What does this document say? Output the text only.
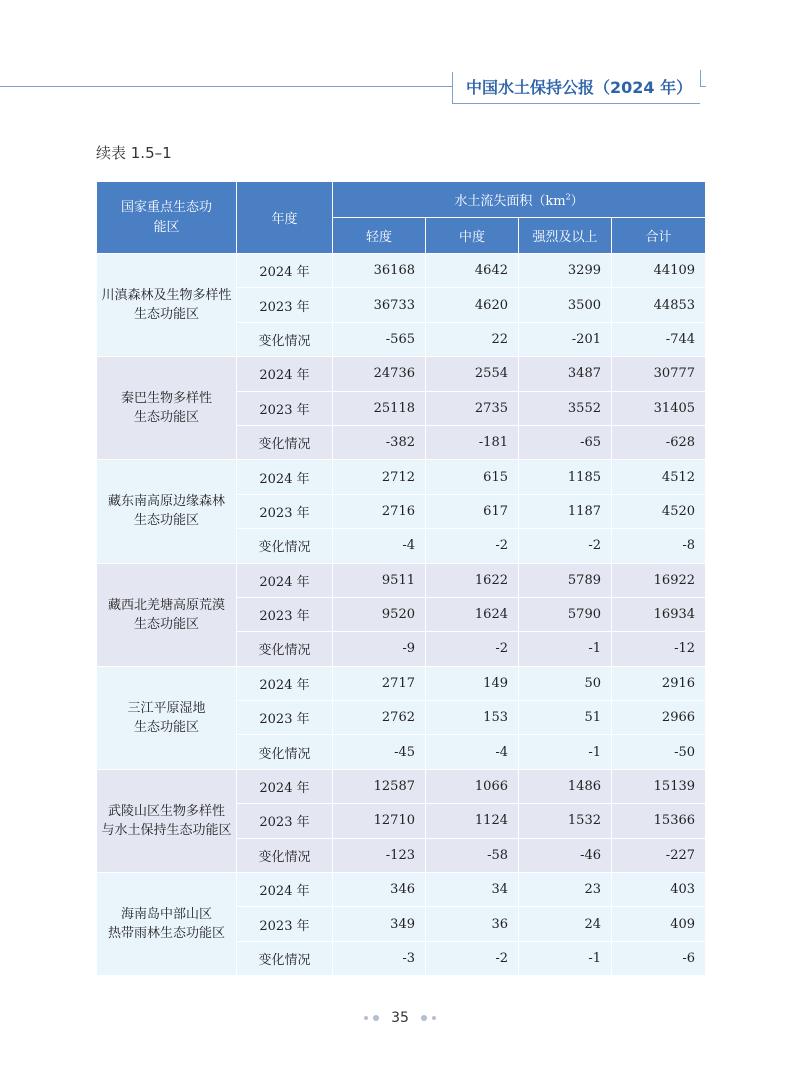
中国水土保持公报（2024 年）
续表 1.5–1
国家重点生态功能区	年度	水土流失面积$(km^2)$			
		轻度	中度	强烈及以上	合计

川滇森林及生物多样性
生态功能区	2024 年	36168	4642	3299	44109
	2023 年	36733	4620	3500	44853
	变化情况	-565	22	-201	-744

秦巴生物多样性
生态功能区	2024 年	24736	2554	3487	30777
	2023 年	25118	2735	3552	31405
	变化情况	-382	-181	-65	-628

藏东南高原边缘森林
生态功能区	2024 年	2712	615	1185	4512
	2023 年	2716	617	1187	4520
	变化情况	-4	-2	-2	-8

藏西北羌塘高原荒漠
生态功能区	2024 年	9511	1622	5789	16922
	2023 年	9520	1624	5790	16934
	变化情况	-9	-2	-1	-12

三江平原湿地
生态功能区	2024 年	2717	149	50	2916
	2023 年	2762	153	51	2966
	变化情况	-45	-4	-1	-50

武陵山区生物多样性
与水土保持生态功能区	2024 年	12587	1066	1486	15139
	2023 年	12710	1124	1532	15366
	变化情况	-123	-58	-46	-227

海南岛中部山区
热带雨林生态功能区	2024 年	346	34	23	403
	2023 年	349	36	24	409
	变化情况	-3	-2	-1	-6
35
